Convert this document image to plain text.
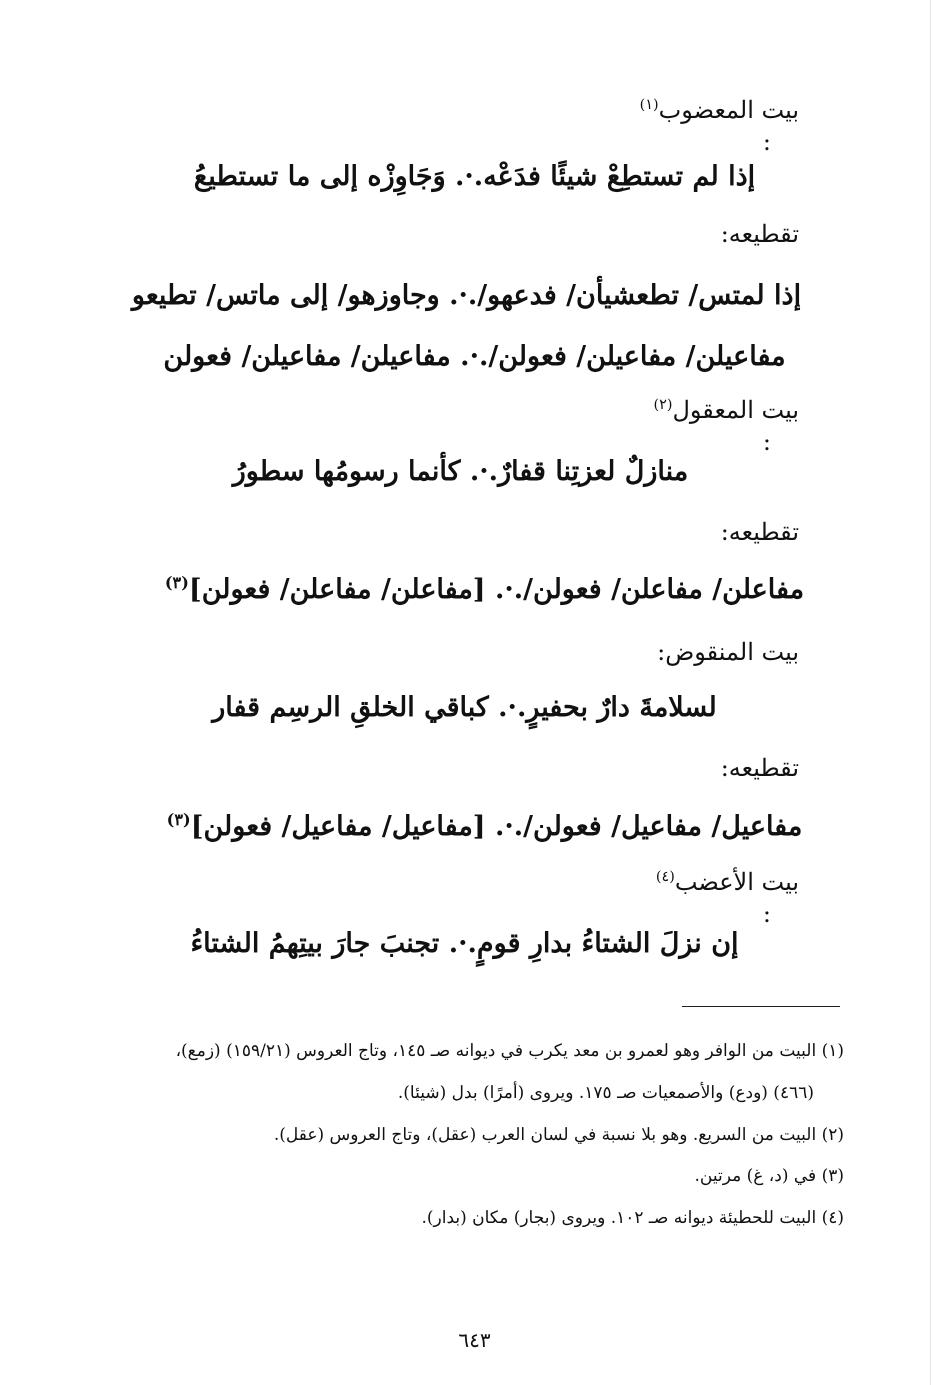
بيت المعضوب$^{(١)}$
:
إذا لم تستطِعْ شيئًا فدَعْه.·. وَجَاوِزْه إلى ما تستطيعُ
تقطيعه:
إذا لمتس/ تطعشيأن/ فدعهو/.·. وجاوزهو/ إلى ماتس/ تطيعو
مفاعيلن/ مفاعيلن/ فعولن/.·. مفاعيلن/ مفاعيلن/ فعولن
بيت المعقول$^{(٢)}$
:
منازلٌ لعزتِنا قفارٌ.·. كأنما رسومُها سطورُ
تقطيعه:
مفاعلن/ مفاعلن/ فعولن/.·. [مفاعلن/ مفاعلن/ فعولن]$^{(٣)}$
بيت المنقوض:
لسلامةَ دارٌ بحفيرٍ.·. كباقي الخلقِ الرسِم قفار
تقطيعه:
مفاعيل/ مفاعيل/ فعولن/.·. [مفاعيل/ مفاعيل/ فعولن]$^{(٣)}$
بيت الأعضب$^{(٤)}$
:
إن نزلَ الشتاءُ بدارِ قومٍ.·. تجنبَ جارَ بيتِهمُ الشتاءُ
(١) البيت من الوافر وهو لعمرو بن معد يكرب في ديوانه صـ ١٤٥، وتاج العروس (١٥٩/٢١) (زمع)،
(٤٦٦) (ودع) والأصمعيات صـ ١٧٥. ويروى (أمرًا) بدل (شيئا).
(٢) البيت من السريع. وهو بلا نسبة في لسان العرب (عقل)، وتاج العروس (عقل).
(٣) في (د، غ) مرتين.
(٤) البيت للحطيئة ديوانه صـ ١٠٢. ويروى (بجار) مكان (بدار).
٦٤٣
